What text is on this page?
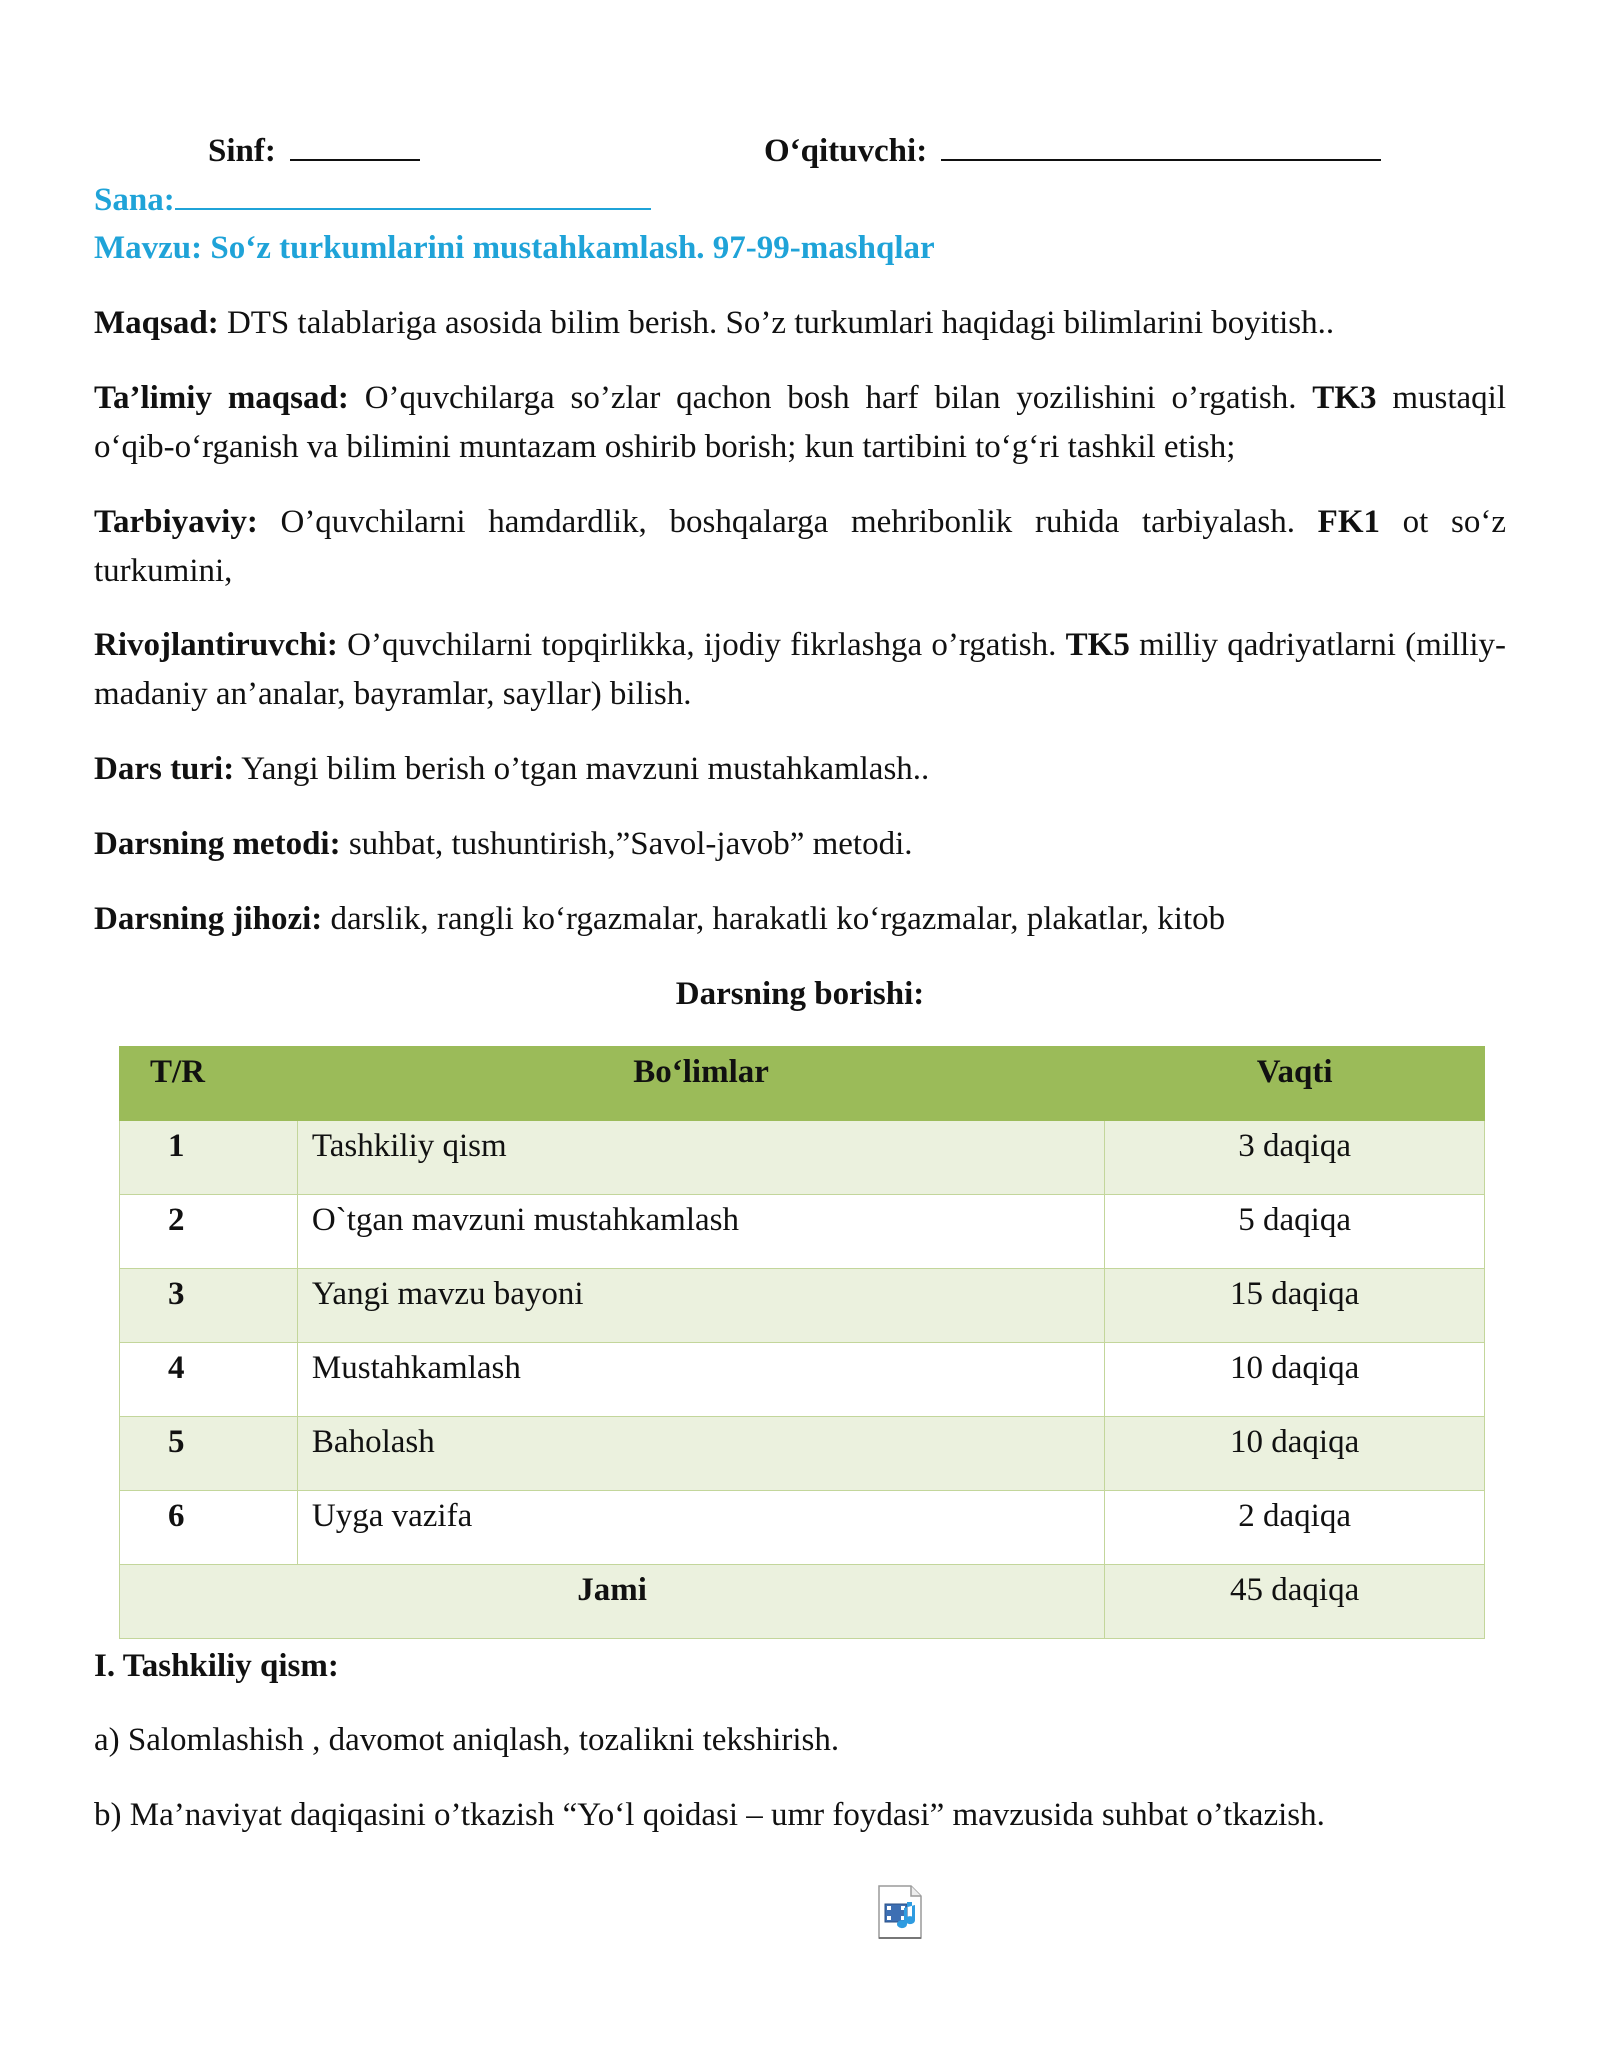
Sinf:	O‘qituvchi:
Sana:
Mavzu: So‘z turkumlarini mustahkamlash. 97-99-mashqlar
Maqsad: DTS talablariga asosida bilim berish. So’z turkumlari haqidagi bilimlarini boyitish..
Ta’limiy maqsad: O’quvchilarga so’zlar qachon bosh harf bilan yozilishini o’rgatish. TK3 mustaqil o‘qib-o‘rganish va bilimini muntazam oshirib borish; kun tartibini to‘g‘ri tashkil etish;
Tarbiyaviy: O’quvchilarni hamdardlik, boshqalarga mehribonlik ruhida tarbiyalash. FK1 ot so‘z turkumini,
Rivojlantiruvchi: O’quvchilarni topqirlikka, ijodiy fikrlashga o’rgatish. TK5 milliy qadriyatlarni (milliy-madaniy an’analar, bayramlar, sayllar) bilish.
Dars turi: Yangi bilim berish o’tgan mavzuni mustahkamlash..
Darsning metodi: suhbat, tushuntirish,”Savol-javob” metodi.
Darsning jihozi: darslik, rangli ko‘rgazmalar, harakatli ko‘rgazmalar, plakatlar, kitob
Darsning borishi:
T/R	Bo‘limlar	Vaqti
1	Tashkiliy qism	3 daqiqa
2	O`tgan mavzuni mustahkamlash	5 daqiqa
3	Yangi mavzu bayoni	15 daqiqa
4	Mustahkamlash	10 daqiqa
5	Baholash	10 daqiqa
6	Uyga vazifa	2 daqiqa
Jami		45 daqiqa
I. Tashkiliy qism:
a) Salomlashish , davomot aniqlash, tozalikni tekshirish.
b) Ma’naviyat daqiqasini o’tkazish “Yo‘l qoidasi – umr foydasi” mavzusida suhbat o’tkazish.
